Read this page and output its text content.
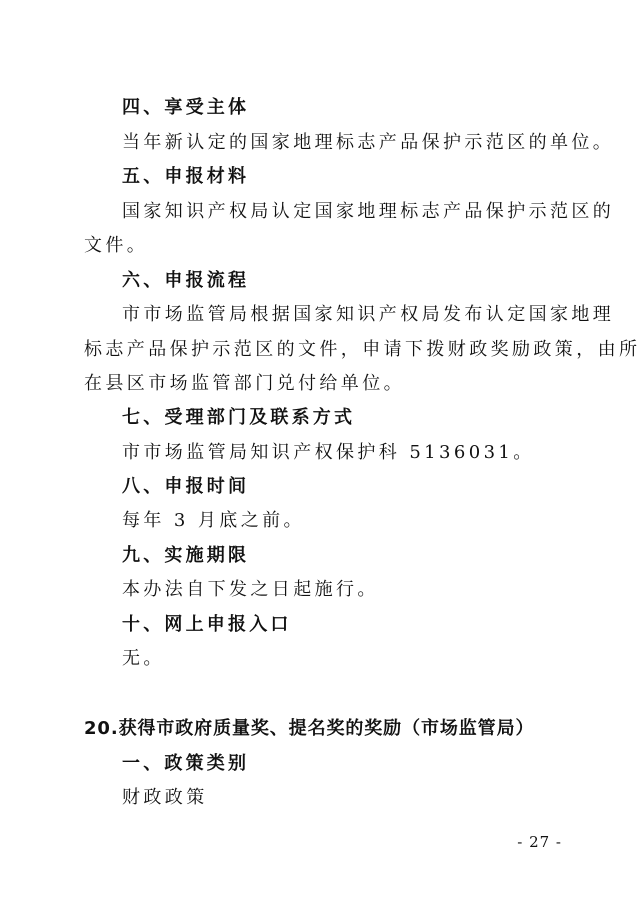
四、享受主体
当年新认定的国家地理标志产品保护示范区的单位。
五、申报材料
国家知识产权局认定国家地理标志产品保护示范区的
文件。
六、申报流程
市市场监管局根据国家知识产权局发布认定国家地理
标志产品保护示范区的文件，申请下拨财政奖励政策，由所
在县区市场监管部门兑付给单位。
七、受理部门及联系方式
市市场监管局知识产权保护科 5136031。
八、申报时间
每年 3 月底之前。
九、实施期限
本办法自下发之日起施行。
十、网上申报入口
无。
20.获得市政府质量奖、提名奖的奖励（市场监管局）
一、政策类别
财政政策
- 27 -
